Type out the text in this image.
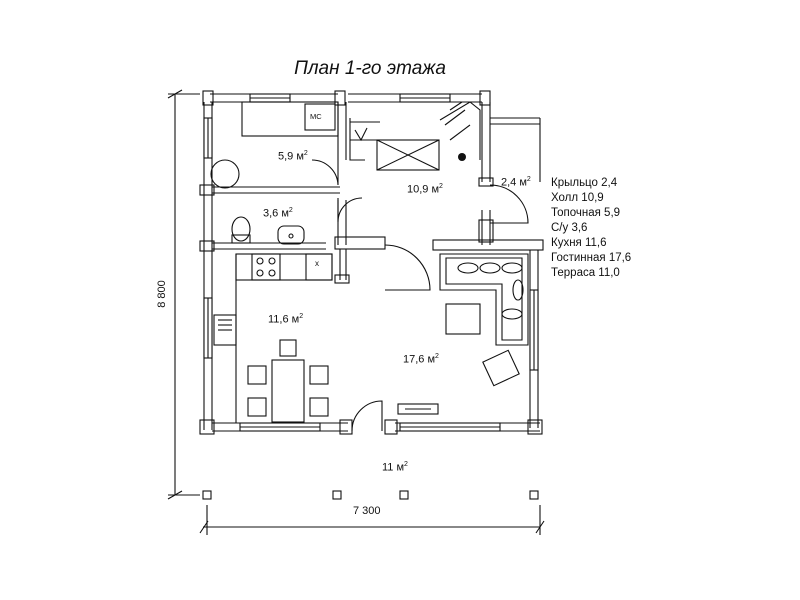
План 1-го этажа
МС
х
5,9 $м^2$
10,9 $м^2$	2,4 $м^2$
3,6 $м^2$
11,6 $м^2$
17,6 $м^2$
11 $м^2$
Крыльцо 2,4
Холл 10,9
Топочная 5,9
С/у 3,6
Кухня 11,6
Гостинная 17,6
Терраса 11,0
8 800
7 300
